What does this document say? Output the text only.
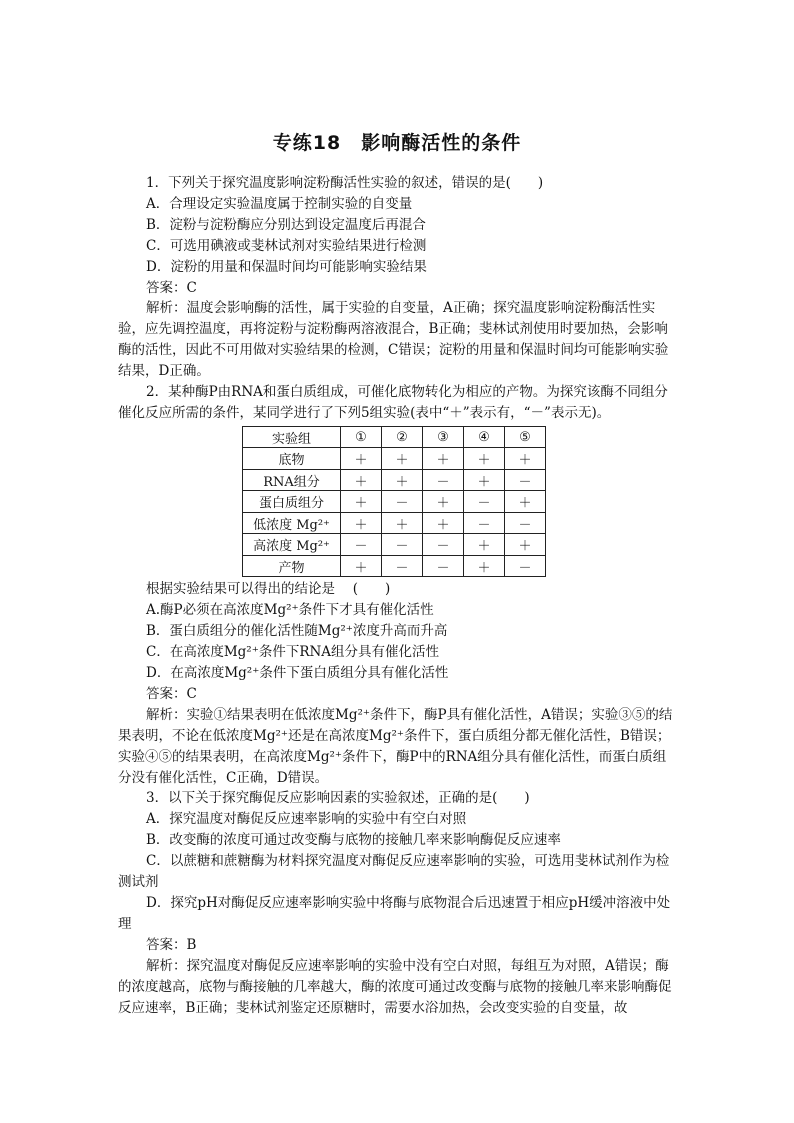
专练18　影响酶活性的条件

1．下列关于探究温度影响淀粉酶活性实验的叙述，错误的是(　　)

A．合理设定实验温度属于控制实验的自变量

B．淀粉与淀粉酶应分别达到设定温度后再混合

C．可选用碘液或斐林试剂对实验结果进行检测

D．淀粉的用量和保温时间均可能影响实验结果

答案：C

解析：温度会影响酶的活性，属于实验的自变量，A正确；探究温度影响淀粉酶活性实验，应先调控温度，再将淀粉与淀粉酶两溶液混合，B正确；斐林试剂使用时要加热，会影响酶的活性，因此不可用做对实验结果的检测，C错误；淀粉的用量和保温时间均可能影响实验结果，D正确。

2．某种酶P由RNA和蛋白质组成，可催化底物转化为相应的产物。为探究该酶不同组分催化反应所需的条件，某同学进行了下列5组实验(表中“＋”表示有，“－”表示无)。

实验组	①	②	③	④	⑤
底物	＋	＋	＋	＋	＋
RNA组分	＋	＋	－	＋	－
蛋白质组分	＋	－	＋	－	＋
低浓度 Mg²⁺	＋	＋	＋	－	－
高浓度 Mg²⁺	－	－	－	＋	＋
产物	＋	－	－	＋	－

根据实验结果可以得出的结论是　 (　　)

A.酶P必须在高浓度Mg²⁺条件下才具有催化活性

B．蛋白质组分的催化活性随Mg²⁺浓度升高而升高

C．在高浓度Mg²⁺条件下RNA组分具有催化活性

D．在高浓度Mg²⁺条件下蛋白质组分具有催化活性

答案：C

解析：实验①结果表明在低浓度Mg²⁺条件下，酶P具有催化活性，A错误；实验③⑤的结果表明，不论在低浓度Mg²⁺还是在高浓度Mg²⁺条件下，蛋白质组分都无催化活性，B错误；实验④⑤的结果表明，在高浓度Mg²⁺条件下，酶P中的RNA组分具有催化活性，而蛋白质组分没有催化活性，C正确，D错误。

3．以下关于探究酶促反应影响因素的实验叙述，正确的是(　　)

A．探究温度对酶促反应速率影响的实验中有空白对照

B．改变酶的浓度可通过改变酶与底物的接触几率来影响酶促反应速率

C．以蔗糖和蔗糖酶为材料探究温度对酶促反应速率影响的实验，可选用斐林试剂作为检测试剂

D．探究pH对酶促反应速率影响实验中将酶与底物混合后迅速置于相应pH缓冲溶液中处理

答案：B

解析：探究温度对酶促反应速率影响的实验中没有空白对照，每组互为对照，A错误；酶的浓度越高，底物与酶接触的几率越大，酶的浓度可通过改变酶与底物的接触几率来影响酶促反应速率，B正确；斐林试剂鉴定还原糖时，需要水浴加热，会改变实验的自变量，故
